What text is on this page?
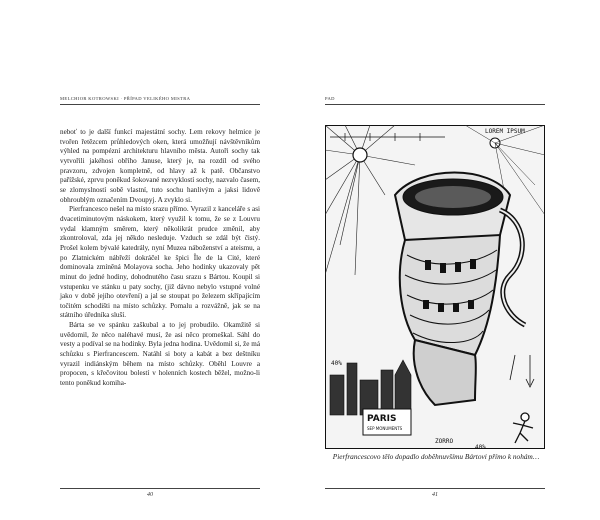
MELCHIOR KOTROWSKI · PŘÍPAD VELIKÉHO MISTRA

neboť to je další funkcí majestátní sochy. Lem rekovy helmice je tvořen řetězcem průhledových oken, která umožňují návštěvníkům výhled na pompézní architekturu hlavního města. Autoři sochy tak vytvořili jakéhosi obřího Januse, který je, na rozdíl od svého pravzoru, zdvojen kompletně, od hlavy až k patě. Občanstvo pařížské, zprvu poněkud šokované nezvyklostí sochy, nazvalo časem, se zlomyslností sobě vlastní, tuto sochu hanlivým a jaksi lidově obhroublým označením Dvoupyj. A zvyklo si.

Pierfrancesco nešel na místo srazu přímo. Vyrazil z kanceláře s asi dvacetiminutovým náskokem, který využil k tomu, že se z Louvru vydal klamným směrem, který několikrát prudce změnil, aby zkontroloval, zda jej někdo nesleduje. Vzduch se zdál být čistý. Prošel kolem bývalé katedrály, nyní Muzea náboženství a ateismu, a po Zlatnickém nábřeží dokráčel ke špici Île de la Cité, které dominovala zmíněná Molayova socha. Jeho hodinky ukazovaly pět minut do jedné hodiny, dohodnutého času srazu s Bártou. Koupil si vstupenku ve stánku u paty sochy, (již dávno nebylo vstupné volné jako v době jejího otevření) a jal se stoupat po železem skřípajícím točitém schodišti na místo schůzky. Pomalu a rozvážně, jak se na státního úředníka sluší.

Bárta se ve spánku zaškubal a to jej probudilo. Okamžitě si uvědomil, že něco naléhavé musí, že asi něco promeškal. Sáhl do vesty a podíval se na hodinky. Byla jedna hodina. Uvědomil si, že má schůzku s Pierfrancescem. Natáhl si boty a kabát a bez deštníku vyrazil indiánským během na místo schůzky. Oběhl Louvre a propocen, s křečovitou bolestí v holenních kostech běžel, možno-li tento poněkud komiha-

40
PAD
LOREM IPSUM
PARIS
SEP MONUMENTS
ZORRO
40%
40%
Pierfrancescovo tělo dopadlo doběhnuvšímu Bártovi přímo k nohám…
41
